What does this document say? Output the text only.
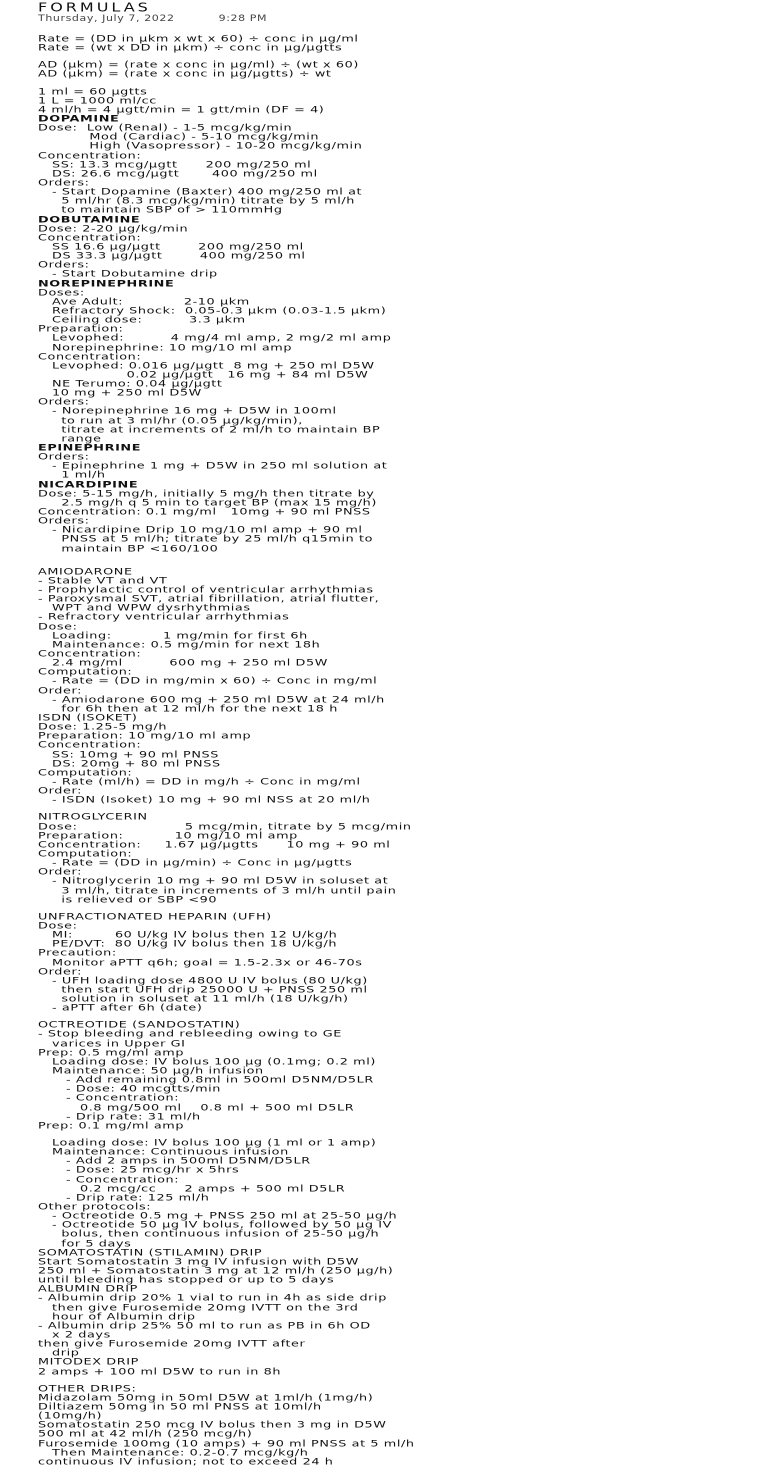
FORMULAS
Thursday, July 7, 2022	9:28 PM
Rate = (DD in μkm x wt x 60) ÷ conc in μg/ml
Rate = (wt x DD in μkm) ÷ conc in μg/μgtts
AD (μkm) = (rate x conc in μg/ml) ÷ (wt x 60)
AD (μkm) = (rate x conc in μg/μgtts) ÷ wt
1 ml = 60 μgtts
1 L = 1000 ml/cc
4 ml/h = 4 μgtt/min = 1 gtt/min (DF = 4)
DOPAMINE
Dose:  Low (Renal) - 1-5 mcg/kg/min
Mod (Cardiac) - 5-10 mcg/kg/min
High (Vasopressor) - 10-20 mcg/kg/min
Concentration:
SS: 13.3 mcg/μgtt      200 mg/250 ml
DS: 26.6 mcg/μgtt       400 mg/250 ml
Orders:
- Start Dopamine (Baxter) 400 mg/250 ml at
5 ml/hr (8.3 mcg/kg/min) titrate by 5 ml/h
to maintain SBP of > 110mmHg
DOBUTAMINE
Dose: 2-20 μg/kg/min
Concentration:
SS 16.6 μg/μgtt        200 mg/250 ml
DS 33.3 μg/μgtt        400 mg/250 ml
Orders:
- Start Dobutamine drip
NOREPINEPHRINE
Doses:
Ave Adult:             2-10 μkm
Refractory Shock:  0.05-0.3 μkm (0.03-1.5 μkm)
Ceiling dose:          3.3 μkm
Preparation:
Levophed:          4 mg/4 ml amp, 2 mg/2 ml amp
Norepinephrine: 10 mg/10 ml amp
Concentration:
Levophed: 0.016 μg/μgtt  8 mg + 250 ml D5W
0.02 μg/μgtt   16 mg + 84 ml D5W
NE Terumo: 0.04 μg/μgtt
10 mg + 250 ml D5W
Orders:
- Norepinephrine 16 mg + D5W in 100ml
to run at 3 ml/hr (0.05 μg/kg/min),
titrate at increments of 2 ml/h to maintain BP
range
EPINEPHRINE
Orders:
- Epinephrine 1 mg + D5W in 250 ml solution at
1 ml/h
NICARDIPINE
Dose: 5-15 mg/h, initially 5 mg/h then titrate by
2.5 mg/h q 5 min to target BP (max 15 mg/h)
Concentration: 0.1 mg/ml   10mg + 90 ml PNSS
Orders:
- Nicardipine Drip 10 mg/10 ml amp + 90 ml
PNSS at 5 ml/h; titrate by 25 ml/h q15min to
maintain BP <160/100
AMIODARONE
- Stable VT and VT
- Prophylactic control of ventricular arrhythmias
- Paroxysmal SVT, atrial fibrillation, atrial flutter,
WPT and WPW dysrhythmias
- Refractory ventricular arrhythmias
Dose:
Loading:           1 mg/min for first 6h
Maintenance: 0.5 mg/min for next 18h
Concentration:
2.4 mg/ml          600 mg + 250 ml D5W
Computation:
- Rate = (DD in mg/min x 60) ÷ Conc in mg/ml
Order:
- Amiodarone 600 mg + 250 ml D5W at 24 ml/h
for 6h then at 12 ml/h for the next 18 h
ISDN (ISOKET)
Dose: 1.25-5 mg/h
Preparation: 10 mg/10 ml amp
Concentration:
SS: 10mg + 90 ml PNSS
DS: 20mg + 80 ml PNSS
Computation:
- Rate (ml/h) = DD in mg/h ÷ Conc in mg/ml
Order:
- ISDN (Isoket) 10 mg + 90 ml NSS at 20 ml/h
NITROGLYCERIN
Dose:                       5 mcg/min, titrate by 5 mcg/min
Preparation:           10 mg/10 ml amp
Concentration:     1.67 μg/μgtts      10 mg + 90 ml
Computation:
- Rate = (DD in μg/min) ÷ Conc in μg/μgtts
Order:
- Nitroglycerin 10 mg + 90 ml D5W in soluset at
3 ml/h, titrate in increments of 3 ml/h until pain
is relieved or SBP <90
UNFRACTIONATED HEPARIN (UFH)
Dose:
MI:         60 U/kg IV bolus then 12 U/kg/h
PE/DVT:  80 U/kg IV bolus then 18 U/kg/h
Precaution:
Monitor aPTT q6h; goal = 1.5-2.3x or 46-70s
Order:
- UFH loading dose 4800 U IV bolus (80 U/kg)
then start UFH drip 25000 U + PNSS 250 ml
solution in soluset at 11 ml/h (18 U/kg/h)
- aPTT after 6h (date)
OCTREOTIDE (SANDOSTATIN)
- Stop bleeding and rebleeding owing to GE
varices in Upper GI
Prep: 0.5 mg/ml amp
Loading dose: IV bolus 100 μg (0.1mg; 0.2 ml)
Maintenance: 50 μg/h infusion
- Add remaining 0.8ml in 500ml D5NM/D5LR
- Dose: 40 mcgtts/min
- Concentration:
0.8 mg/500 ml    0.8 ml + 500 ml D5LR
- Drip rate: 31 ml/h
Prep: 0.1 mg/ml amp
Loading dose: IV bolus 100 μg (1 ml or 1 amp)
Maintenance: Continuous infusion
- Add 2 amps in 500ml D5NM/D5LR
- Dose: 25 mcg/hr x 5hrs
- Concentration:
0.2 mcg/cc      2 amps + 500 ml D5LR
- Drip rate: 125 ml/h
Other protocols:
- Octreotide 0.5 mg + PNSS 250 ml at 25-50 μg/h
- Octreotide 50 μg IV bolus, followed by 50 μg IV
bolus, then continuous infusion of 25-50 μg/h
for 5 days
SOMATOSTATIN (STILAMIN) DRIP
Start Somatostatin 3 mg IV infusion with D5W
250 ml + Somatostatin 3 mg at 12 ml/h (250 μg/h)
until bleeding has stopped or up to 5 days
ALBUMIN DRIP
- Albumin drip 20% 1 vial to run in 4h as side drip
then give Furosemide 20mg IVTT on the 3rd
hour of Albumin drip
- Albumin drip 25% 50 ml to run as PB in 6h OD
x 2 days
then give Furosemide 20mg IVTT after
drip
MITODEX DRIP
2 amps + 100 ml D5W to run in 8h
OTHER DRIPS:
Midazolam 50mg in 50ml D5W at 1ml/h (1mg/h)
Diltiazem 50mg in 50 ml PNSS at 10ml/h
(10mg/h)
Somatostatin 250 mcg IV bolus then 3 mg in D5W
500 ml at 42 ml/h (250 mcg/h)
Furosemide 100mg (10 amps) + 90 ml PNSS at 5 ml/h
Then Maintenance: 0.2-0.7 mcg/kg/h
continuous IV infusion; not to exceed 24 h
